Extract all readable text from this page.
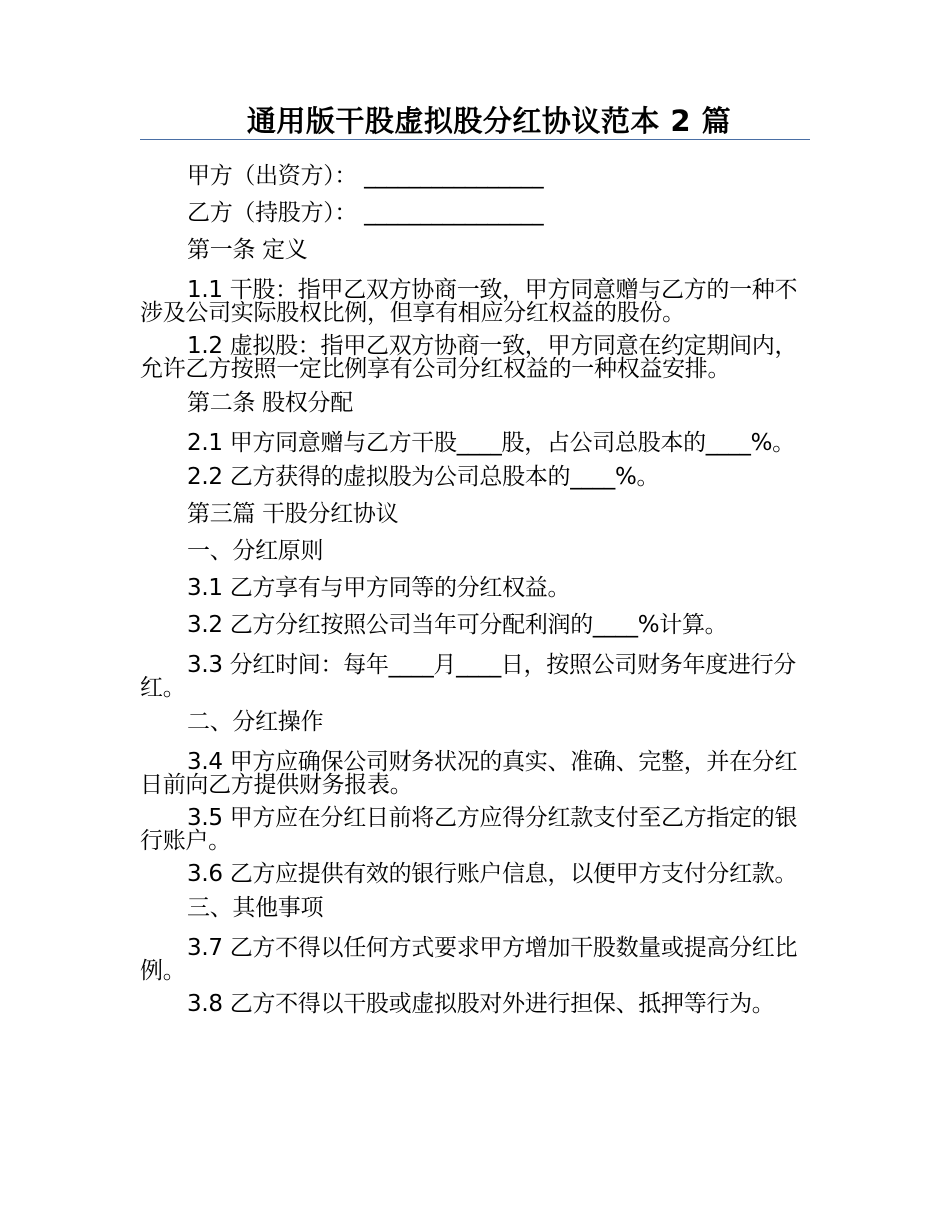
通用版干股虚拟股分红协议范本 2 篇

甲方（出资方）： ________________

乙方（持股方）： ________________

第一条 定义

1.1 干股：指甲乙双方协商一致，甲方同意赠与乙方的一种不涉及公司实际股权比例，但享有相应分红权益的股份。

1.2 虚拟股：指甲乙双方协商一致，甲方同意在约定期间内，允许乙方按照一定比例享有公司分红权益的一种权益安排。

第二条 股权分配

2.1 甲方同意赠与乙方干股____股，占公司总股本的____%。

2.2 乙方获得的虚拟股为公司总股本的____%。

第三篇 干股分红协议

一、分红原则

3.1 乙方享有与甲方同等的分红权益。

3.2 乙方分红按照公司当年可分配利润的____%计算。

3.3 分红时间：每年____月____日，按照公司财务年度进行分红。

二、分红操作

3.4 甲方应确保公司财务状况的真实、准确、完整，并在分红日前向乙方提供财务报表。

3.5 甲方应在分红日前将乙方应得分红款支付至乙方指定的银行账户。

3.6 乙方应提供有效的银行账户信息，以便甲方支付分红款。

三、其他事项

3.7 乙方不得以任何方式要求甲方增加干股数量或提高分红比例。

3.8 乙方不得以干股或虚拟股对外进行担保、抵押等行为。
